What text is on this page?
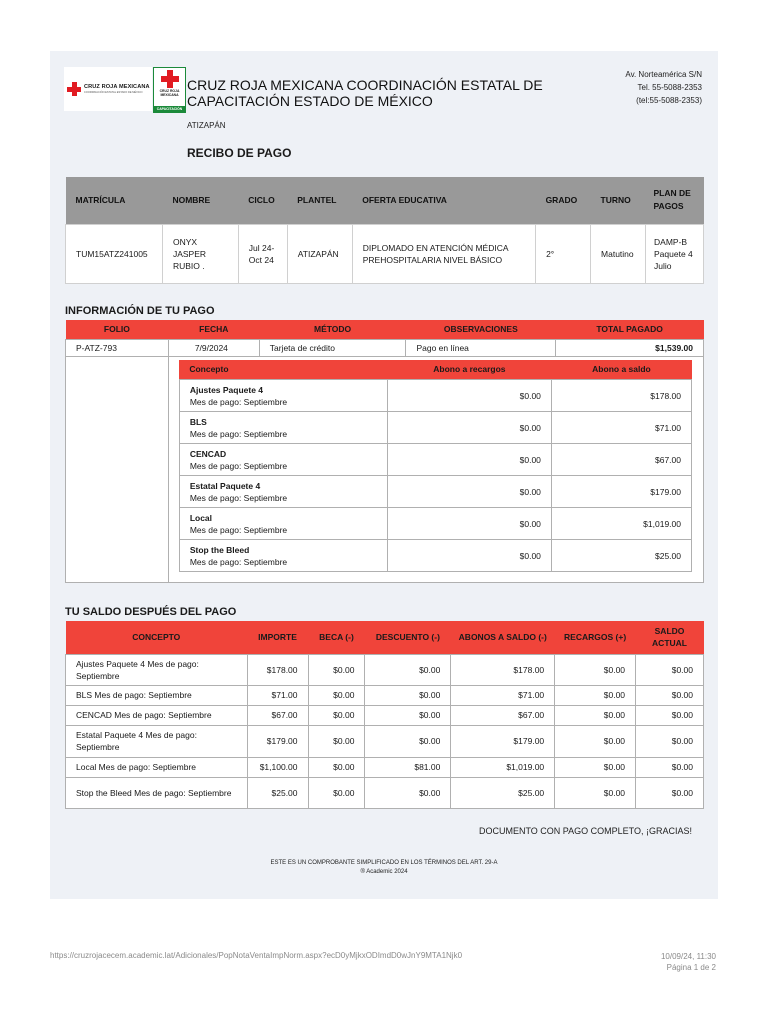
CRUZ ROJA MEXICANA
COORDINACIÓN ESTATAL ESTADO DE MÉXICO	CRUZ ROJA MEXICANA
CAPACITACIÓN
CRUZ ROJA MEXICANA COORDINACIÓN ESTATAL DE CAPACITACIÓN ESTADO DE MÉXICO
ATIZAPÁN
Av. Norteamérica S/N
Tel. 55-5088-2353
(tel:55-5088-2353)
RECIBO DE PAGO
MATRÍCULA	NOMBRE	CICLO	PLANTEL	OFERTA EDUCATIVA	GRADO	TURNO	PLAN DE PAGOS
TUM15ATZ241005	ONYX JASPER RUBIO .	Jul 24-Oct 24	ATIZAPÁN	DIPLOMADO EN ATENCIÓN MÉDICA PREHOSPITALARIA NIVEL BÁSICO	2°	Matutino	DAMP-B Paquete 4 Julio
INFORMACIÓN DE TU PAGO
FOLIO	FECHA	MÉTODO	OBSERVACIONES	TOTAL PAGADO
P-ATZ-793	7/9/2024	Tarjeta de crédito	Pago en línea	$1,539.00

Concepto	Abono a recargos	Abono a saldo

Ajustes Paquete 4
Mes de pago: Septiembre
	$0.00	$178.00

BLS
Mes de pago: Septiembre
	$0.00	$71.00

CENCAD
Mes de pago: Septiembre
	$0.00	$67.00

Estatal Paquete 4
Mes de pago: Septiembre
	$0.00	$179.00

Local
Mes de pago: Septiembre
	$0.00	$1,019.00

Stop the Bleed
Mes de pago: Septiembre
	$0.00	$25.00
TU SALDO DESPUÉS DEL PAGO
CONCEPTO	IMPORTE	BECA (-)	DESCUENTO (-)	ABONOS A SALDO (-)	RECARGOS (+)	SALDO ACTUAL
Ajustes Paquete 4 Mes de pago: Septiembre	$178.00	$0.00	$0.00	$178.00	$0.00	$0.00
BLS Mes de pago: Septiembre	$71.00	$0.00	$0.00	$71.00	$0.00	$0.00
CENCAD Mes de pago: Septiembre	$67.00	$0.00	$0.00	$67.00	$0.00	$0.00
Estatal Paquete 4 Mes de pago: Septiembre	$179.00	$0.00	$0.00	$179.00	$0.00	$0.00
Local Mes de pago: Septiembre	$1,100.00	$0.00	$81.00	$1,019.00	$0.00	$0.00
Stop the Bleed Mes de pago: Septiembre	$25.00	$0.00	$0.00	$25.00	$0.00	$0.00
DOCUMENTO CON PAGO COMPLETO, ¡GRACIAS!
ESTE ES UN COMPROBANTE SIMPLIFICADO EN LOS TÉRMINOS DEL ART. 29-A
® Academic 2024
https://cruzrojacecem.academic.lat/Adicionales/PopNotaVentaImpNorm.aspx?ecD0yMjkxODImdD0wJnY9MTA1Njk0	10/09/24, 11:30
Página 1 de 2
